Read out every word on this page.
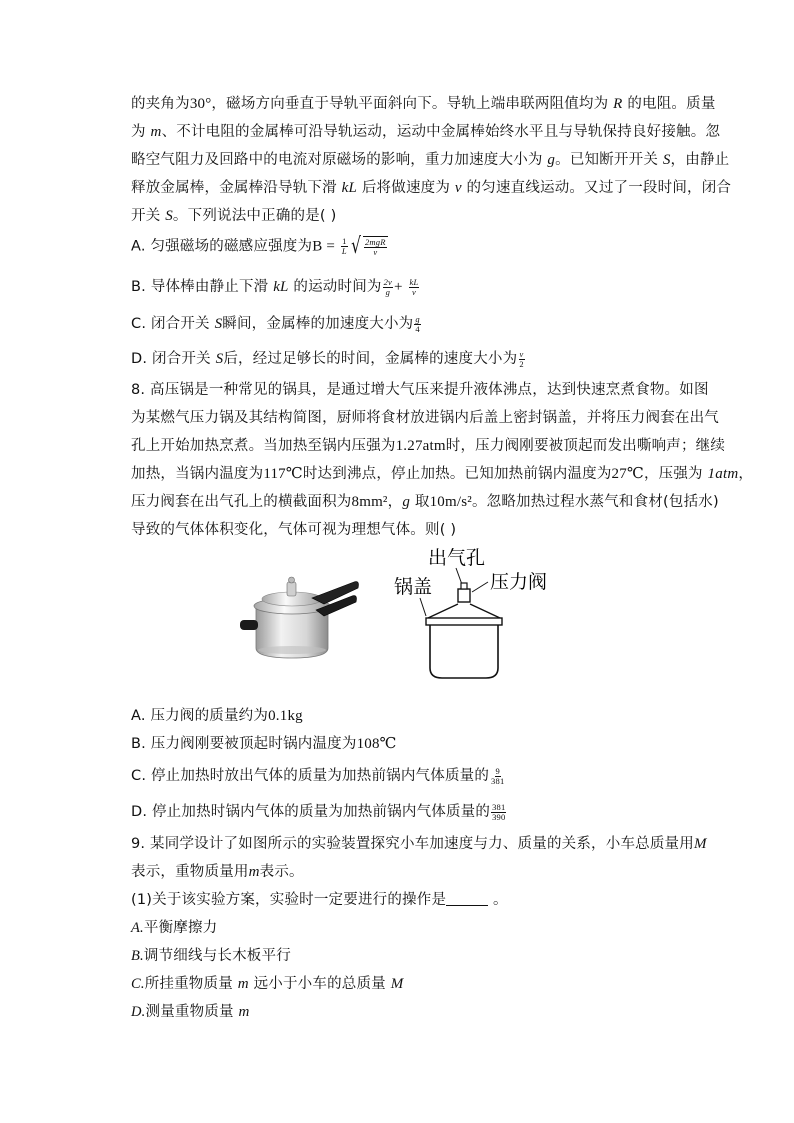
的夹角为30°，磁场方向垂直于导轨平面斜向下。导轨上端串联两阻值均为 R 的电阻。质量
为 m、不计电阻的金属棒可沿导轨运动，运动中金属棒始终水平且与导轨保持良好接触。忽
略空气阻力及回路中的电流对原磁场的影响，重力加速度大小为 g。已知断开开关 S，由静止
释放金属棒，金属棒沿导轨下滑 kL 后将做速度为 v 的匀速直线运动。又过了一段时间，闭合
开关 S。下列说法中正确的是( )
A. 匀强磁场的磁感应强度为$B = \frac{1}{L}$ √ $\frac{\text{2mgR}}{v}$
B. 导体棒由静止下滑 kL 的运动时间为 $\frac{2v}{g} + \frac{kL}{v}$
C. 闭合开关 S瞬间，金属棒的加速度大小为 $\frac{g}{4}$
D. 闭合开关 S后，经过足够长的时间，金属棒的速度大小为 $\frac{v}{2}$
8. 高压锅是一种常见的锅具，是通过增大气压来提升液体沸点，达到快速烹煮食物。如图
为某燃气压力锅及其结构简图，厨师将食材放进锅内后盖上密封锅盖，并将压力阀套在出气
孔上开始加热烹煮。当加热至锅内压强为1.27atm时，压力阀刚要被顶起而发出嘶响声；继续
加热，当锅内温度为117℃时达到沸点，停止加热。已知加热前锅内温度为27℃，压强为 1atm，
压力阀套在出气孔上的横截面积为8mm²，g 取10m/s²。忽略加热过程水蒸气和食材(包括水)
导致的气体体积变化，气体可视为理想气体。则( )
出气孔
锅盖	压力阀
A. 压力阀的质量约为0.1kg
B. 压力阀刚要被顶起时锅内温度为108℃
C. 停止加热时放出气体的质量为加热前锅内气体质量的 $\frac{9}{381}$
D. 停止加热时锅内气体的质量为加热前锅内气体质量的 $\frac{381}{390}$
9. 某同学设计了如图所示的实验装置探究小车加速度与力、质量的关系，小车总质量用M
表示，重物质量用m表示。
(1)关于该实验方案，实验时一定要进行的操作是	。
A.平衡摩擦力
B.调节细线与长木板平行
C.所挂重物质量 m 远小于小车的总质量 M
D.测量重物质量 m
